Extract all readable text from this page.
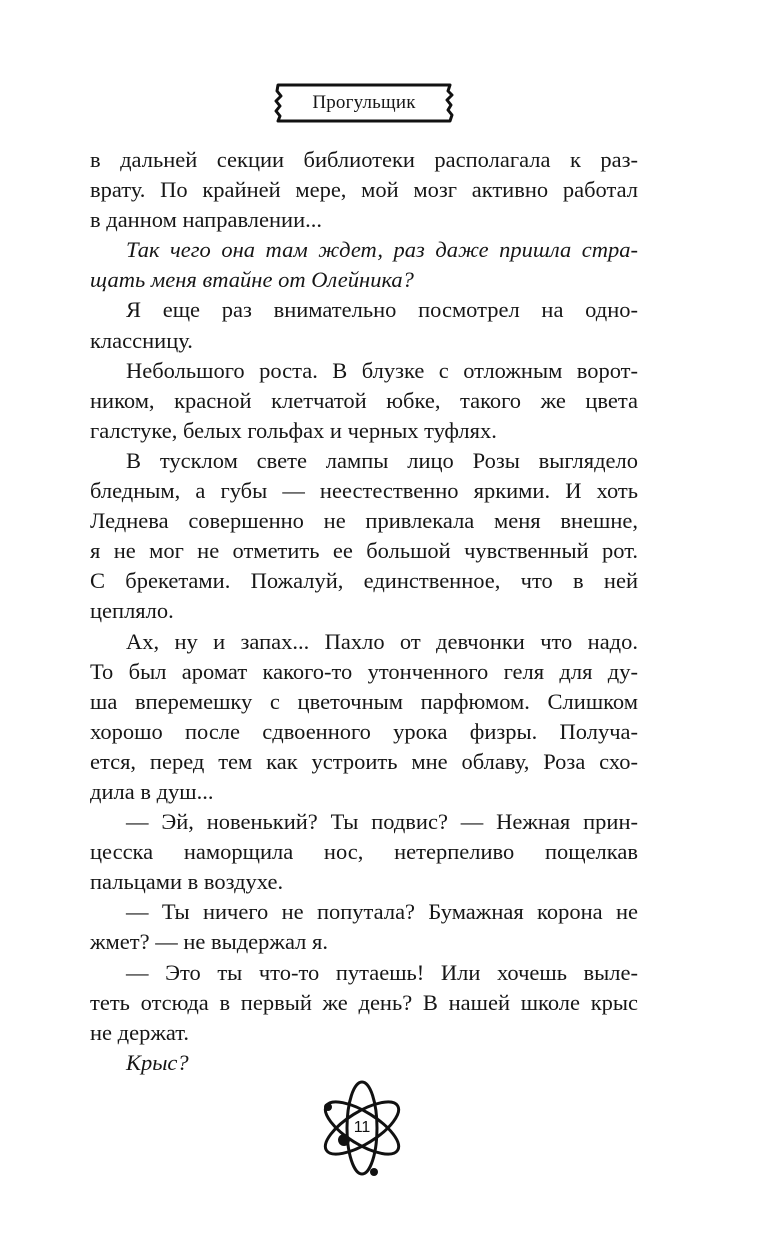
Прогульщик
в дальней секции библиотеки располагала к раз-
врату. По крайней мере, мой мозг активно работал
в данном направлении...
Так чего она там ждет, раз даже пришла стра-
щать меня втайне от Олейника?
Я еще раз внимательно посмотрел на одно-
классницу.
Небольшого роста. В блузке с отложным ворот-
ником, красной клетчатой юбке, такого же цвета
галстуке, белых гольфах и черных туфлях.
В тусклом свете лампы лицо Розы выглядело
бледным, а губы — неестественно яркими. И хоть
Леднева совершенно не привлекала меня внешне,
я не мог не отметить ее большой чувственный рот.
С брекетами. Пожалуй, единственное, что в ней
цепляло.
Ах, ну и запах... Пахло от девчонки что надо.
То был аромат какого-то утонченного геля для ду-
ша вперемешку с цветочным парфюмом. Слишком
хорошо после сдвоенного урока физры. Получа-
ется, перед тем как устроить мне облаву, Роза схо-
дила в душ...
— Эй, новенький? Ты подвис? — Нежная прин-
цесска наморщила нос, нетерпеливо пощелкав
пальцами в воздухе.
— Ты ничего не попутала? Бумажная корона не
жмет? — не выдержал я.
— Это ты что-то путаешь! Или хочешь выле-
теть отсюда в первый же день? В нашей школе крыс
не держат.
Крыс?
11
